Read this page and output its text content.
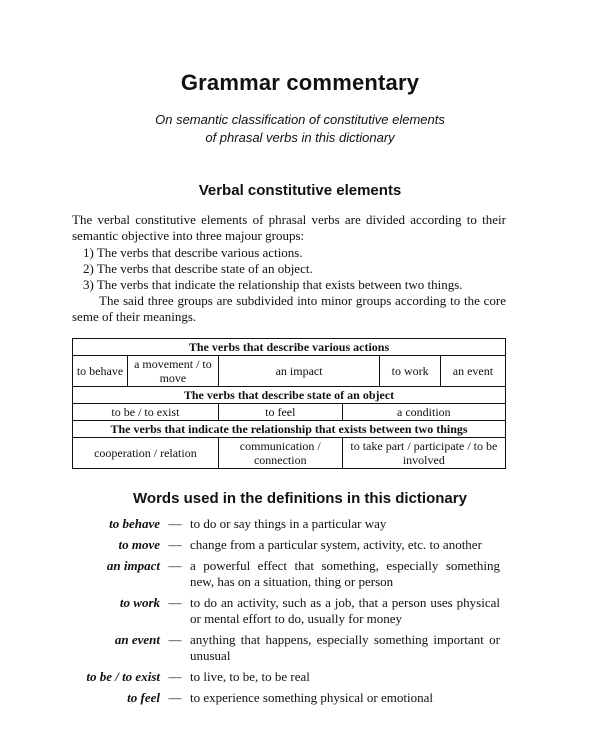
Grammar commentary
On semantic classification of constitutive elements
of phrasal verbs in this dictionary
Verbal constitutive elements
The verbal constitutive elements of phrasal verbs are divided according to their semantic objective into three majour groups:
1) The verbs that describe various actions.
2) The verbs that describe state of an object.
3) The verbs that indicate the relationship that exists between two things.
The said three groups are subdivided into minor groups according to the core seme of their meanings.
The verbs that describe various actions					
to behave	a movement / to move	an impact		to work	an event
The verbs that describe state of an object					
to be / to exist		to feel	a condition		
The verbs that indicate the relationship that exists between two things					
cooperation / relation		communication / connection	to take part / participate / to be involved		
Words used in the definitions in this dictionary
to behave — to do or say things in a particular way
to move — change from a particular system, activity, etc. to another
an impact — a powerful effect that something, especially something new, has on a situation, thing or person
to work — to do an activity, such as a job, that a person uses physical or mental effort to do, usually for money
an event — anything that happens, especially something important or unusual
to be / to exist — to live, to be, to be real
to feel — to experience something physical or emotional
